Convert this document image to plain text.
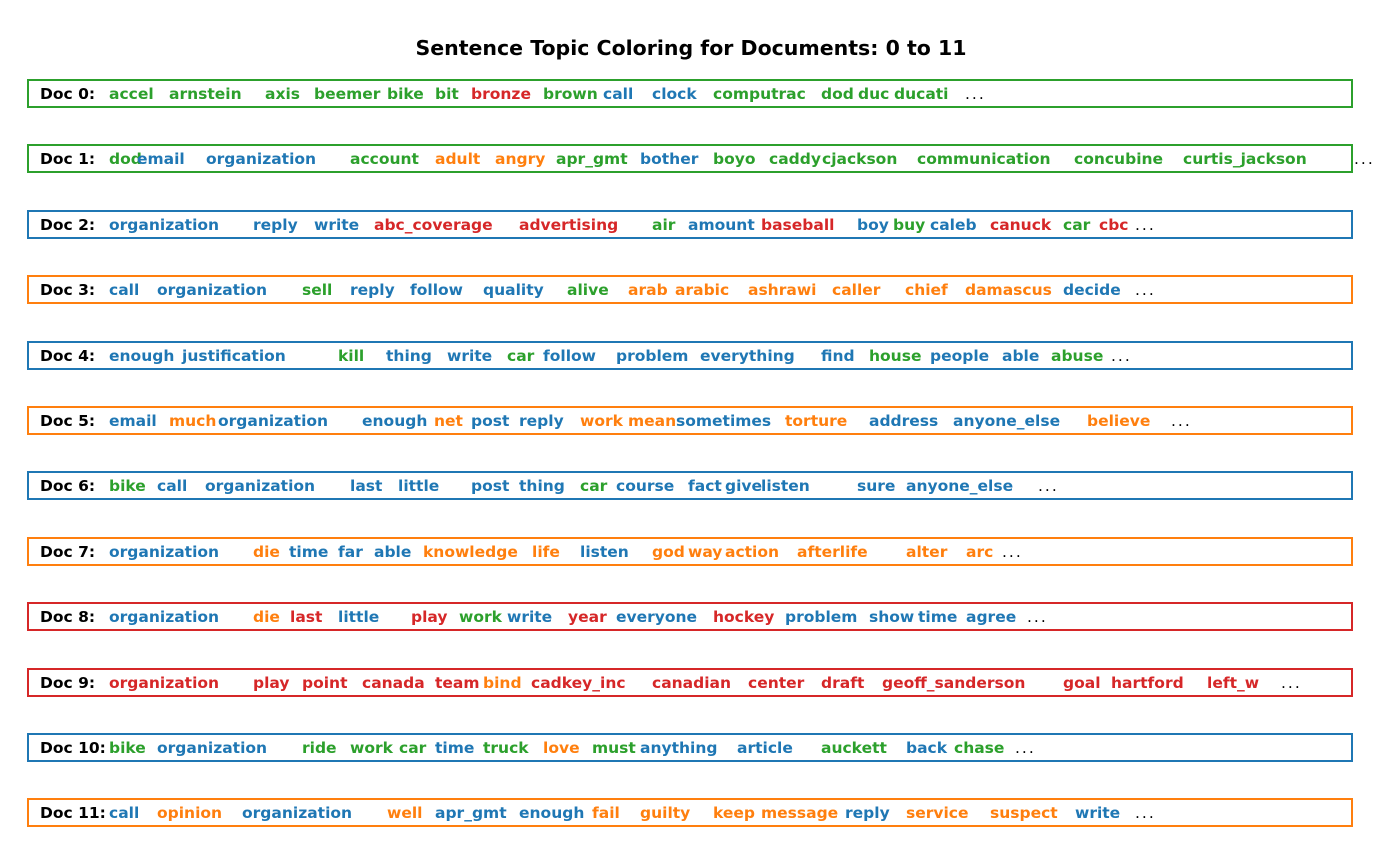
Sentence Topic Coloring for Documents: 0 to 11
Doc 0: accel arnstein axis beemer bike bit bronze brown call clock computrac dod duc ducati ...
Doc 1: dod
email organization account adult angry apr_gmt bother boyo caddy cjackson communication concubine curtis_jackson	...
Doc 2: organization reply write abc_coverage advertising air amount baseball boy buy caleb canuck car cbc ...
Doc 3: call organization sell reply follow quality alive arab arabic ashrawi caller chief damascus decide ...
Doc 4: enough justification	kill thing write car follow problem everything find house people able abuse ...
Doc 5: email much organization enough net post reply work mean sometimes torture address anyone_else believe ...
Doc 6: bike call organization last little post thing car course fact give
listen	sure anyone_else ...
Doc 7: organization die time far able knowledge life listen god way action afterlife alter arc ...
Doc 8: organization die last little play work write year everyone hockey problem show time agree ...
Doc 9: organization play point canada team bind cadkey_inc canadian center draft geoff_sanderson goal hartford left_w ...
Doc 10: bike organization ride work car time truck love must anything article auckett back chase ...
Doc 11: call opinion organization well apr_gmt enough fail guilty keep message reply service suspect write ...
